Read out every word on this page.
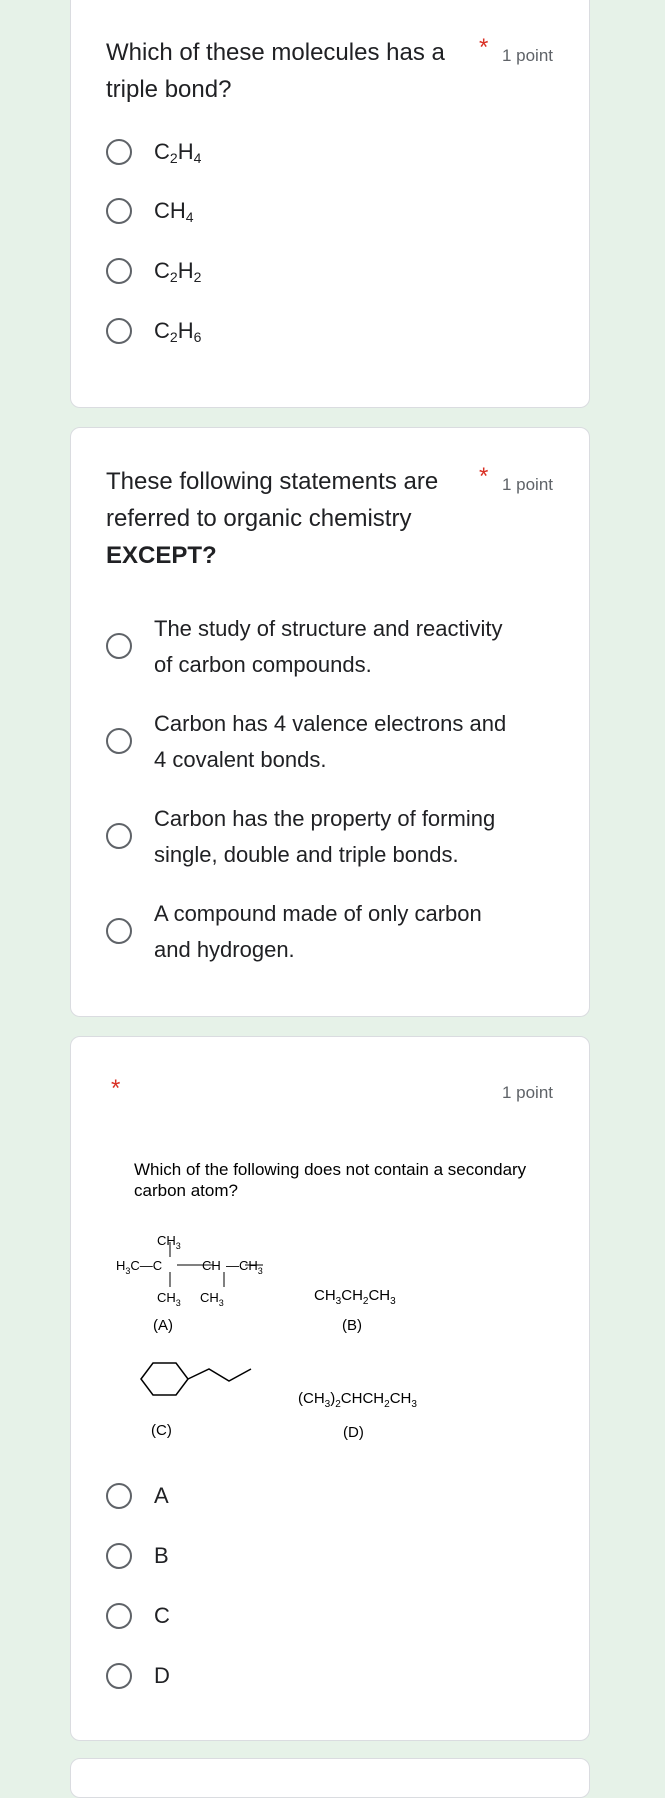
Which of these molecules has a
triple bond?
* 1 point
$C_2H_4$
$CH_4$
$C_2H_2$
$C_2H_6$
These following statements are
referred to organic chemistry
EXCEPT?
* 1 point
The study of structure and reactivity
of carbon compounds.
Carbon has 4 valence electrons and
4 covalent bonds.
Carbon has the property of forming
single, double and triple bonds.
A compound made of only carbon
and hydrogen.
*	1 point
Which of the following does not contain a secondary
carbon atom?
$CH_3$
$H_3C—C$	CH $—CH_3$
$CH_3$ $CH_3$
(A)
$CH_3CH_2CH_3$
(B)
(C)
$(CH_3)_2CHCH_2CH_3$
(D)
A
B
C
D
